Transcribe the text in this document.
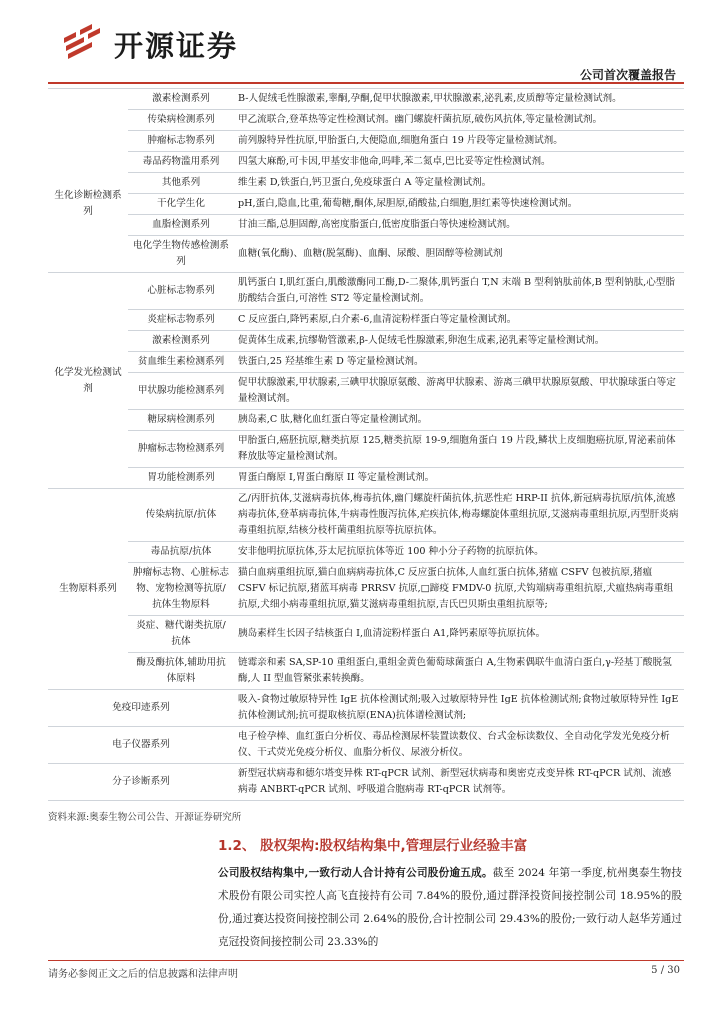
开源证券
公司首次覆盖报告
生化诊断检测系列	激素检测系列	B-人促绒毛性腺激素,睾酮,孕酮,促甲状腺激素,甲状腺激素,泌乳素,皮质醇等定量检测试剂。
	传染病检测系列	甲乙流联合,登革热等定性检测试剂。幽门螺旋杆菌抗原,破伤风抗体,等定量检测试剂。
	肿瘤标志物系列	前列腺特异性抗原,甲胎蛋白,大便隐血,细胞角蛋白 19 片段等定量检测试剂。
	毒品药物滥用系列	四氢大麻酚,可卡因,甲基安非他命,吗啡,苯二氮卓,巴比妥等定性检测试剂。
	其他系列	维生素 D,铁蛋白,钙卫蛋白,免疫球蛋白 A 等定量检测试剂。
	干化学生化	pH,蛋白,隐血,比重,葡萄糖,酮体,尿胆原,硝酸盐,白细胞,胆红素等快速检测试剂。
	血脂检测系列	甘油三酯,总胆固醇,高密度脂蛋白,低密度脂蛋白等快速检测试剂。
	电化学生物传感检测系列	血糖(氧化酶)、血糖(脱氢酶)、血酮、尿酸、胆固醇等检测试剂
化学发光检测试剂	心脏标志物系列	肌钙蛋白 I,肌红蛋白,肌酸激酶同工酶,D-二聚体,肌钙蛋白 T,N 末端 B 型利钠肽前体,B 型利钠肽,心型脂肪酸结合蛋白,可溶性 ST2 等定量检测试剂。
	炎症标志物系列	C 反应蛋白,降钙素原,白介素-6,血清淀粉样蛋白等定量检测试剂。
	激素检测系列	促黄体生成素,抗缪勒管激素,β-人促绒毛性腺激素,卵泡生成素,泌乳素等定量检测试剂。
	贫血维生素检测系列	铁蛋白,25 羟基维生素 D 等定量检测试剂。
	甲状腺功能检测系列	促甲状腺激素,甲状腺素,三碘甲状腺原氨酸、游离甲状腺素、游离三碘甲状腺原氨酸、甲状腺球蛋白等定量检测试剂。
	糖尿病检测系列	胰岛素,C 肽,糖化血红蛋白等定量检测试剂。
	肿瘤标志物检测系列	甲胎蛋白,癌胚抗原,糖类抗原 125,糖类抗原 19-9,细胞角蛋白 19 片段,鳞状上皮细胞癌抗原,胃泌素前体释放肽等定量检测试剂。
	胃功能检测系列	胃蛋白酶原 I,胃蛋白酶原 II 等定量检测试剂。
生物原料系列	传染病抗原/抗体	乙/丙肝抗体,艾滋病毒抗体,梅毒抗体,幽门螺旋杆菌抗体,抗恶性疟 HRP-II 抗体,新冠病毒抗原/抗体,流感病毒抗体,登革病毒抗体,牛病毒性腹泻抗体,疟疾抗体,梅毒螺旋体重组抗原,艾滋病毒重组抗原,丙型肝炎病毒重组抗原,结核分枝杆菌重组抗原等抗原抗体。
	毒品抗原/抗体	安非他明抗原抗体,芬太尼抗原抗体等近 100 种小分子药物的抗原抗体。
	肿瘤标志物、心脏标志物、宠物检测等抗原/抗体生物原料	猫白血病重组抗原,猫白血病病毒抗体,C 反应蛋白抗体,人血红蛋白抗体,猪瘟 CSFV 包被抗原,猪瘟 CSFV 标记抗原,猪蓝耳病毒 PRRSV 抗原,□蹄疫 FMDV-0 抗原,犬钩端病毒重组抗原,犬瘟热病毒重组抗原,犬细小病毒重组抗原,猫艾滋病毒重组抗原,吉氏巴贝斯虫重组抗原等;
	炎症、糖代谢类抗原/抗体	胰岛素样生长因子结核蛋白 I,血清淀粉样蛋白 A1,降钙素原等抗原抗体。
	酶及酶抗体,辅助用抗体原料	链霉亲和素 SA,SP-10 重组蛋白,重组金黄色葡萄球菌蛋白 A,生物素偶联牛血清白蛋白,γ-羟基丁酸脱氢酶,人 II 型血管紧张素转换酶。
免疫印迹系列		吸入-食物过敏原特异性 IgE 抗体检测试剂;吸入过敏原特异性 IgE 抗体检测试剂;食物过敏原特异性 IgE 抗体检测试剂;抗可提取核抗原(ENA)抗体谱检测试剂;
电子仪器系列		电子检孕棒、血红蛋白分析仪、毒品检测尿杯装置读数仪、台式金标读数仪、全自动化学发光免疫分析仪、干式荧光免疫分析仪、血脂分析仪、尿液分析仪。
分子诊断系列		新型冠状病毒和德尔塔变异株 RT-qPCR 试剂、新型冠状病毒和奥密克戎变异株 RT-qPCR 试剂、流感病毒 ANBRT-qPCR 试剂、呼吸道合胞病毒 RT-qPCR 试剂等。
资料来源:奥泰生物公司公告、开源证券研究所
1.2、 股权架构:股权结构集中,管理层行业经验丰富
公司股权结构集中,一致行动人合计持有公司股份逾五成。截至 2024 年第一季度,杭州奥泰生物技术股份有限公司实控人高飞直接持有公司 7.84%的股份,通过群泽投资间接控制公司 18.95%的股份,通过赛达投资间接控制公司 2.64%的股份,合计控制公司 29.43%的股份;一致行动人赵华芳通过克冠投资间接控制公司 23.33%的
请务必参阅正文之后的信息披露和法律声明	5 / 30
